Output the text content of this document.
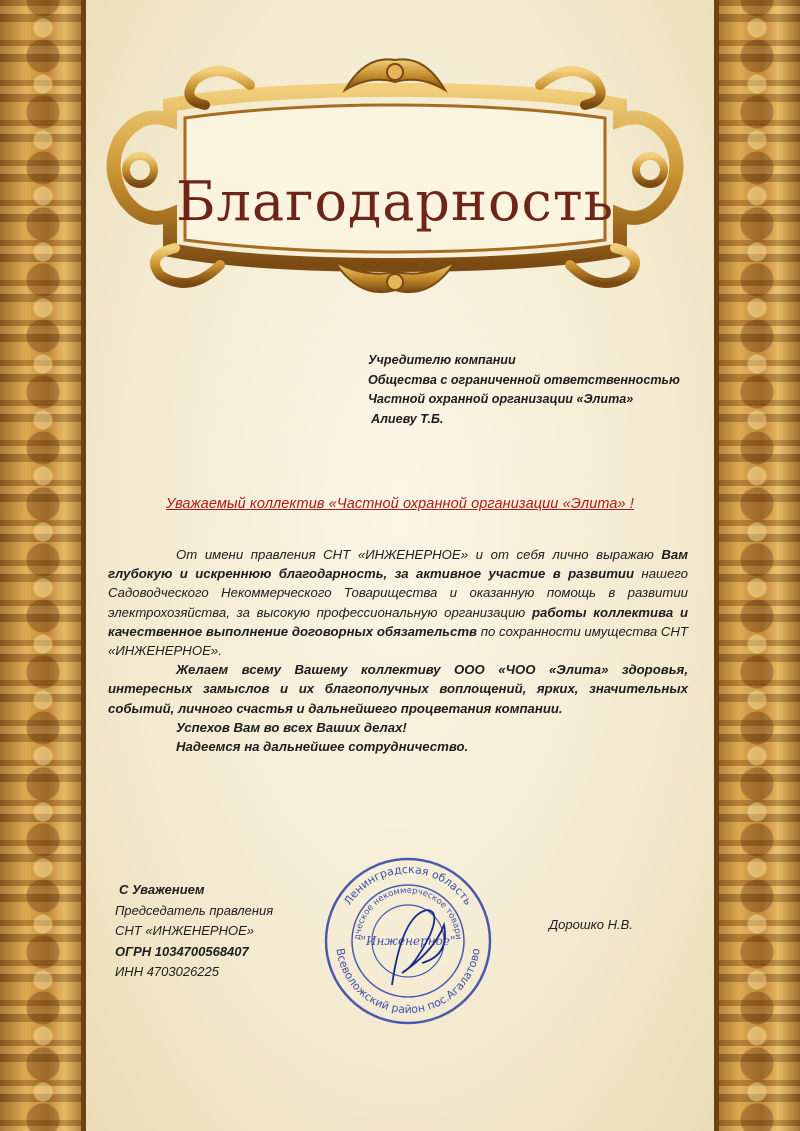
Благодарность
Учредителю компании
Общества с ограниченной ответственностью
Частной охранной организации «Элита»
Алиеву Т.Б.
Уважаемый коллектив «Частной охранной организации «Элита» !

От имени правления СНТ «ИНЖЕНЕРНОЕ» и от себя лично выражаю Вам глубокую и искреннюю благодарность, за активное участие в развитии нашего Садоводческого Некоммерческого Товарищества и оказанную помощь в развитии электрохозяйства, за высокую профессиональную организацию работы коллектива и качественное выполнение договорных обязательств по сохранности имущества СНТ «ИНЖЕНЕРНОЕ».

Желаем всему Вашему коллективу ООО «ЧОО «Элита» здоровья, интересных замыслов и их благополучных воплощений, ярких, значительных событий, личного счастья и дальнейшего процветания компании.

Успехов Вам во всех Ваших делах!

Надеемся на дальнейшее сотрудничество.

С Уважением
Председатель правления
СНТ «ИНЖЕНЕРНОЕ»
ОГРН 1034700568407
ИНН 4703026225
Ленинградская область
Всеволожский район пос.Агалатово
дческое некоммерческое товари
"Инженерное"
Дорошко Н.В.
